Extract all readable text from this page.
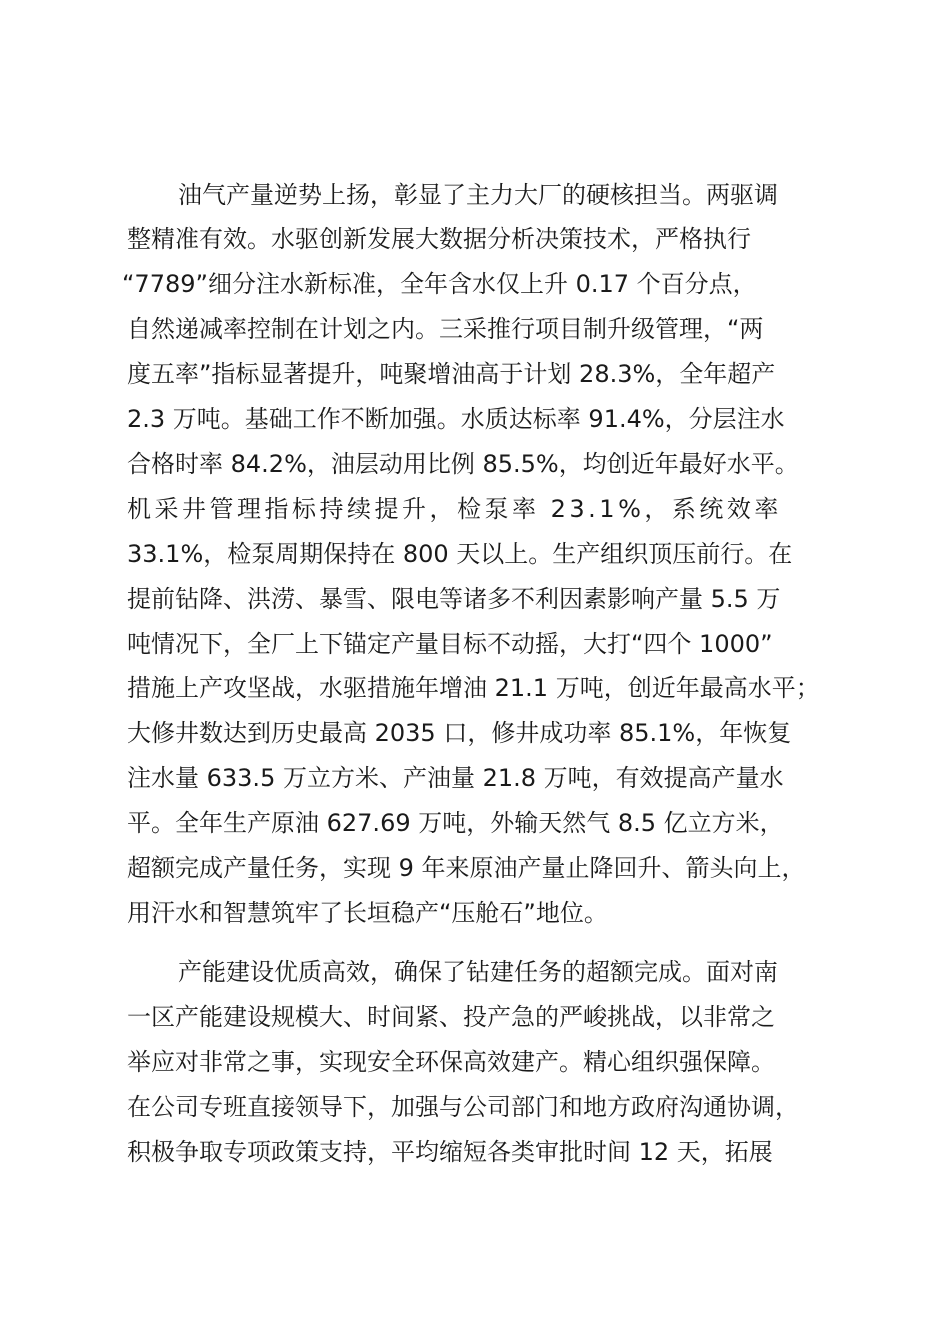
油气产量逆势上扬，彰显了主力大厂的硬核担当。两驱调
整精准有效。水驱创新发展大数据分析决策技术，严格执行
“7789”细分注水新标准，全年含水仅上升 0.17 个百分点，
自然递减率控制在计划之内。三采推行项目制升级管理，“两
度五率”指标显著提升，吨聚增油高于计划 28.3%，全年超产
2.3 万吨。基础工作不断加强。水质达标率 91.4%，分层注水
合格时率 84.2%，油层动用比例 85.5%，均创近年最好水平。
机采井管理指标持续提升，检泵率 23.1%，系统效率
33.1%，检泵周期保持在 800 天以上。生产组织顶压前行。在
提前钻降、洪涝、暴雪、限电等诸多不利因素影响产量 5.5 万
吨情况下，全厂上下锚定产量目标不动摇，大打“四个 1000”
措施上产攻坚战，水驱措施年增油 21.1 万吨，创近年最高水平；
大修井数达到历史最高 2035 口，修井成功率 85.1%，年恢复
注水量 633.5 万立方米、产油量 21.8 万吨，有效提高产量水
平。全年生产原油 627.69 万吨，外输天然气 8.5 亿立方米，
超额完成产量任务，实现 9 年来原油产量止降回升、箭头向上，
用汗水和智慧筑牢了长垣稳产“压舱石”地位。
产能建设优质高效，确保了钻建任务的超额完成。面对南
一区产能建设规模大、时间紧、投产急的严峻挑战，以非常之
举应对非常之事，实现安全环保高效建产。精心组织强保障。
在公司专班直接领导下，加强与公司部门和地方政府沟通协调，
积极争取专项政策支持，平均缩短各类审批时间 12 天，拓展
